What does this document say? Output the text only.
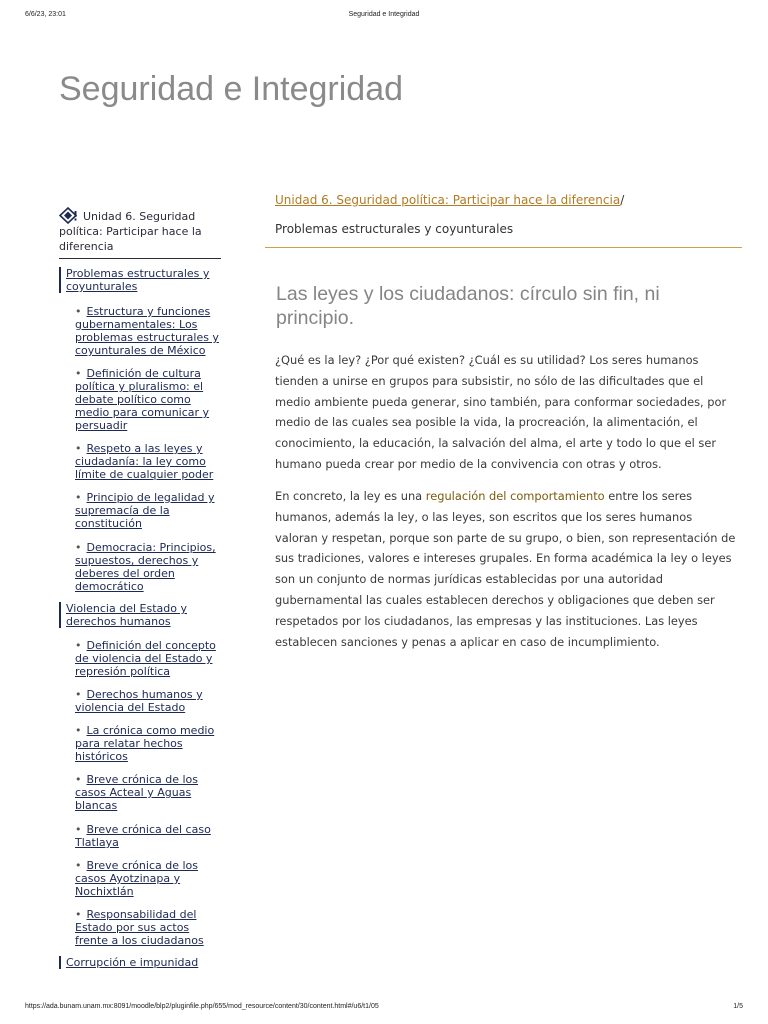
6/6/23, 23:01	Seguridad e Integridad
Seguridad e Integridad
Unidad 6. Seguridad política: Participar hace la diferencia
Problemas estructurales y coyunturales
• Estructura y funciones gubernamentales: Los problemas estructurales y coyunturales de México
• Definición de cultura política y pluralismo: el debate político como medio para comunicar y persuadir
• Respeto a las leyes y ciudadanía: la ley como límite de cualquier poder
• Principio de legalidad y supremacía de la constitución
• Democracia: Principios, supuestos, derechos y deberes del orden democrático
Violencia del Estado y derechos humanos
• Definición del concepto de violencia del Estado y represión política
• Derechos humanos y violencia del Estado
• La crónica como medio para relatar hechos históricos
• Breve crónica de los casos Acteal y Aguas blancas
• Breve crónica del caso Tlatlaya
• Breve crónica de los casos Ayotzinapa y Nochixtlán
• Responsabilidad del Estado por sus actos frente a los ciudadanos
Corrupción e impunidad
Unidad 6. Seguridad política: Participar hace la diferencia/
Problemas estructurales y coyunturales
Las leyes y los ciudadanos: círculo sin fin, ni principio.

¿Qué es la ley? ¿Por qué existen? ¿Cuál es su utilidad? Los seres humanos tienden a unirse en grupos para subsistir, no sólo de las dificultades que el medio ambiente pueda generar, sino también, para conformar sociedades, por medio de las cuales sea posible la vida, la procreación, la alimentación, el conocimiento, la educación, la salvación del alma, el arte y todo lo que el ser humano pueda crear por medio de la convivencia con otras y otros.

En concreto, la ley es una regulación del comportamiento entre los seres humanos, además la ley, o las leyes, son escritos que los seres humanos valoran y respetan, porque son parte de su grupo, o bien, son representación de sus tradiciones, valores e intereses grupales. En forma académica la ley o leyes son un conjunto de normas jurídicas establecidas por una autoridad gubernamental las cuales establecen derechos y obligaciones que deben ser respetados por los ciudadanos, las empresas y las instituciones. Las leyes establecen sanciones y penas a aplicar en caso de incumplimiento.

https://ada.bunam.unam.mx:8091/moodle/blp2/pluginfile.php/655/mod_resource/content/30/content.html#/u6/t1/05	1/5
